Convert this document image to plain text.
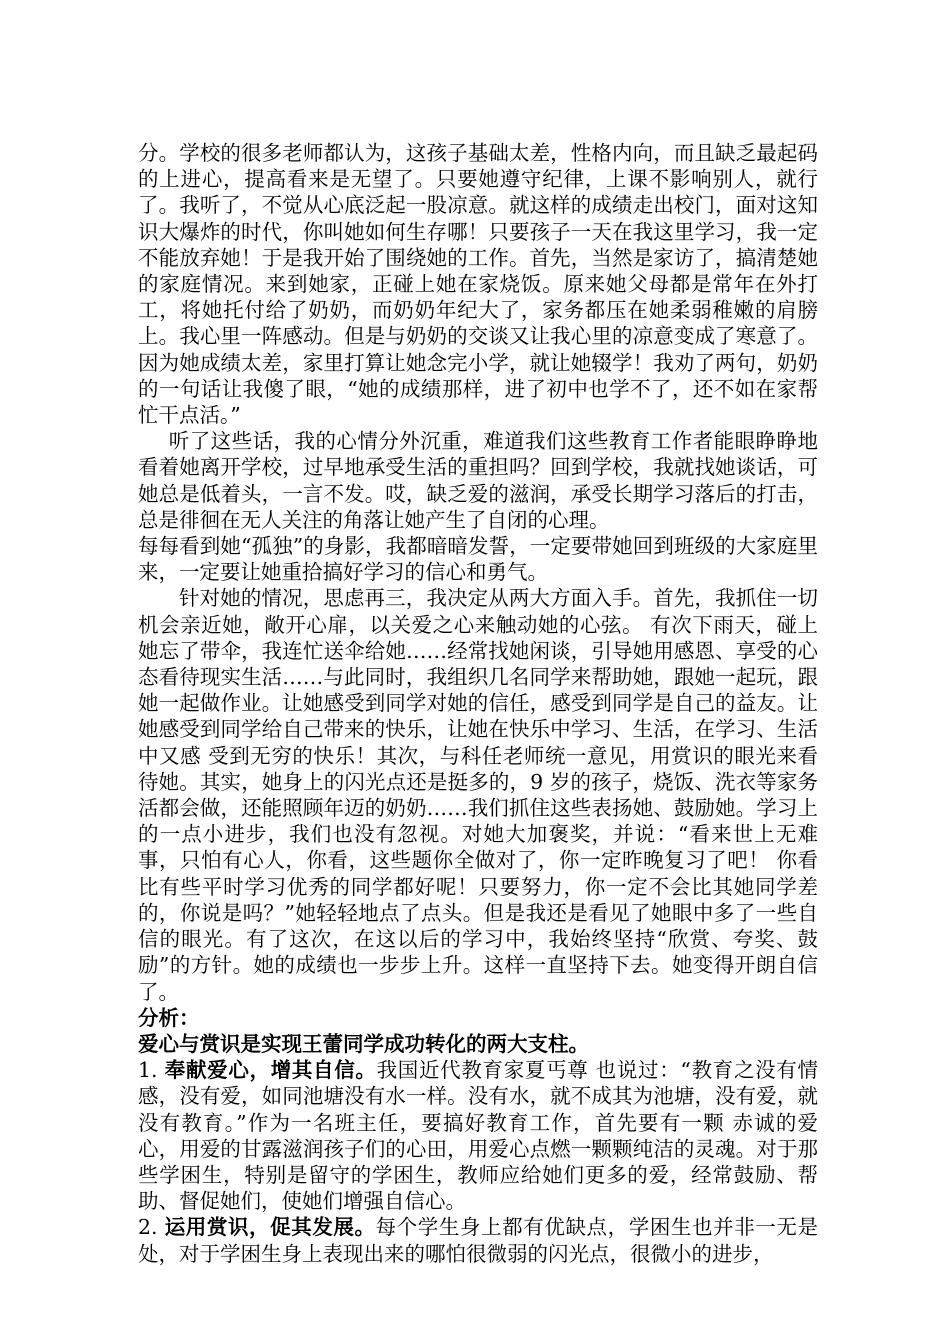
分。学校的很多老师都认为，这孩子基础太差，性格内向，而且缺乏最起码的上进心，提高看来是无望了。只要她遵守纪律，上课不影响别人，就行了。我听了，不觉从心底泛起一股凉意。就这样的成绩走出校门，面对这知识大爆炸的时代，你叫她如何生存哪！只要孩子一天在我这里学习，我一定不能放弃她！于是我开始了围绕她的工作。首先，当然是家访了，搞清楚她的家庭情况。来到她家，正碰上她在家烧饭。原来她父母都是常年在外打工，将她托付给了奶奶，而奶奶年纪大了，家务都压在她柔弱稚嫩的肩膀上。我心里一阵感动。但是与奶奶的交谈又让我心里的凉意变成了寒意了。因为她成绩太差，家里打算让她念完小学，就让她辍学！我劝了两句，奶奶的一句话让我傻了眼，“她的成绩那样，进了初中也学不了，还不如在家帮忙干点活。”

听了这些话，我的心情分外沉重，难道我们这些教育工作者能眼睁睁地看着她离开学校，过早地承受生活的重担吗？回到学校，我就找她谈话，可她总是低着头，一言不发。哎，缺乏爱的滋润，承受长期学习落后的打击，总是徘徊在无人关注的角落让她产生了自闭的心理。

每每看到她“孤独”的身影，我都暗暗发誓，一定要带她回到班级的大家庭里来，一定要让她重拾搞好学习的信心和勇气。

针对她的情况，思虑再三，我决定从两大方面入手。首先，我抓住一切机会亲近她，敞开心扉，以关爱之心来触动她的心弦。 有次下雨天，碰上她忘了带伞，我连忙送伞给她……经常找她闲谈，引导她用感恩、享受的心态看待现实生活……与此同时，我组织几名同学来帮助她，跟她一起玩，跟她一起做作业。让她感受到同学对她的信任，感受到同学是自己的益友。让她感受到同学给自己带来的快乐，让她在快乐中学习、生活，在学习、生活中又感 受到无穷的快乐！其次，与科任老师统一意见，用赏识的眼光来看待她。其实，她身上的闪光点还是挺多的，9 岁的孩子，烧饭、洗衣等家务活都会做，还能照顾年迈的奶奶……我们抓住这些表扬她、鼓励她。学习上的一点小进步，我们也没有忽视。对她大加褒奖，并说：“看来世上无难事，只怕有心人，你看，这些题你全做对了，你一定昨晚复习了吧！ 你看比有些平时学习优秀的同学都好呢！只要努力，你一定不会比其她同学差的，你说是吗？”她轻轻地点了点头。但是我还是看见了她眼中多了一些自信的眼光。有了这次，在这以后的学习中，我始终坚持“欣赏、夸奖、鼓励”的方针。她的成绩也一步步上升。这样一直坚持下去。她变得开朗自信了。

分析：

爱心与赏识是实现王蕾同学成功转化的两大支柱。

1. 奉献爱心，增其自信。我国近代教育家夏丐尊 也说过：“教育之没有情感，没有爱，如同池塘没有水一样。没有水，就不成其为池塘，没有爱，就没有教育。”作为一名班主任，要搞好教育工作，首先要有一颗 赤诚的爱心，用爱的甘露滋润孩子们的心田，用爱心点燃一颗颗纯洁的灵魂。对于那些学困生，特别是留守的学困生，教师应给她们更多的爱，经常鼓励、帮助、督促她们，使她们增强自信心。

2. 运用赏识，促其发展。每个学生身上都有优缺点，学困生也并非一无是处，对于学困生身上表现出来的哪怕很微弱的闪光点，很微小的进步，
